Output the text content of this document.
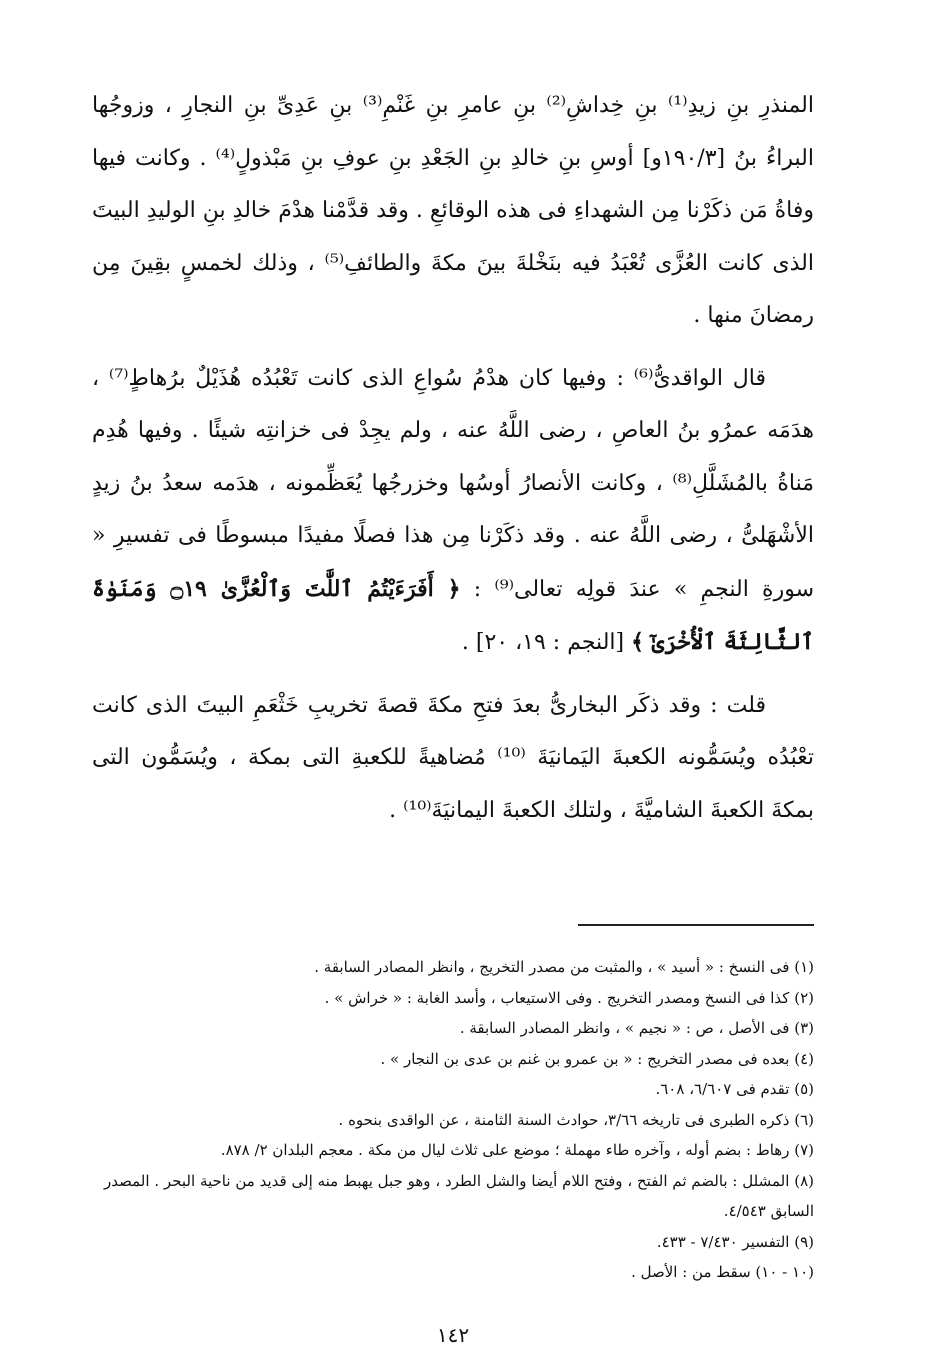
المنذرِ بنِ زيدِ⁽¹⁾ بنِ خِداشِ⁽²⁾ بنِ عامرِ بنِ غَنْمِ⁽³⁾ بنِ عَدِىِّ بنِ النجارِ ، وزوجُها البراءُ بنُ [١٩٠/٣و] أوسِ بنِ خالدِ بنِ الجَعْدِ بنِ عوفِ بنِ مَبْذولٍ⁽⁴⁾ . وكانت فيها وفاةُ مَن ذكَرْنا مِن الشهداءِ فى هذه الوقائعِ . وقد قدَّمْنا هدْمَ خالدِ بنِ الوليدِ البيتَ الذى كانت العُزَّى تُعْبَدُ فيه بنَخْلةَ بينَ مكةَ والطائفِ⁽⁵⁾ ، وذلك لخمسٍ بقِينَ مِن رمضانَ منها .

قال الواقدىُّ⁽⁶⁾ : وفيها كان هدْمُ سُواعِ الذى كانت تَعْبُدُه هُذَيْلٌ برُهاطٍ⁽⁷⁾ ، هدَمَه عمرُو بنُ العاصِ ، رضى اللَّهُ عنه ، ولم يجِدْ فى خزانتِه شيئًا . وفيها هُدِم مَناةُ بالمُشَلَّلِ⁽⁸⁾ ، وكانت الأنصارُ أوسُها وخزرجُها يُعَظِّمونه ، هدَمه سعدُ بنُ زيدٍ الأشْهَلىُّ ، رضى اللَّهُ عنه . وقد ذكَرْنا مِن هذا فصلًا مفيدًا مبسوطًا فى تفسيرِ « سورةِ النجمِ » عندَ قولِه تعالى⁽⁹⁾ : ﴿ أَفَرَءَيْتُمُ ٱللَّٰتَ وَٱلْعُزَّىٰ ۝١٩ وَمَنَوٰةَ ٱلثَّالِثَةَ ٱلْأُخْرَىٰٓ ﴾ [النجم : ١٩، ٢٠] .

قلت : وقد ذكَر البخارىُّ بعدَ فتحِ مكةَ قصةَ تخريبِ خَثْعَمِ البيتَ الذى كانت تعْبُدُه ويُسَمُّونه الكعبةَ اليَمانيَةَ ⁽¹⁰⁾ مُضاهيةً للكعبةِ التى بمكة ، ويُسَمُّون التى بمكةَ الكعبةَ الشاميَّةَ ، ولتلك الكعبةَ اليمانيَةَ⁽¹⁰⁾ .

(١) فى النسخ : « أسيد » ، والمثبت من مصدر التخريج ، وانظر المصادر السابقة .
(٢) كذا فى النسخ ومصدر التخريج . وفى الاستيعاب ، وأسد الغابة : « خراش » .
(٣) فى الأصل ، ص : « نجيم » ، وانظر المصادر السابقة .
(٤) بعده فى مصدر التخريج : « بن عمرو بن غنم بن عدى بن النجار » .
(٥) تقدم فى ٦/٦٠٧، ٦٠٨.
(٦) ذكره الطبرى فى تاريخه ٣/٦٦، حوادث السنة الثامنة ، عن الواقدى بنحوه .
(٧) رهاط : بضم أوله ، وآخره طاء مهملة ؛ موضع على ثلاث ليال من مكة . معجم البلدان ٢/ ٨٧٨.
(٨) المشلل : بالضم ثم الفتح ، وفتح اللام أيضا والشل الطرد ، وهو جبل يهبط منه إلى قديد من ناحية البحر . المصدر السابق ٤/٥٤٣.
(٩) التفسير ٧/٤٣٠ - ٤٣٣.
(١٠ - ١٠) سقط من : الأصل .
١٤٢
